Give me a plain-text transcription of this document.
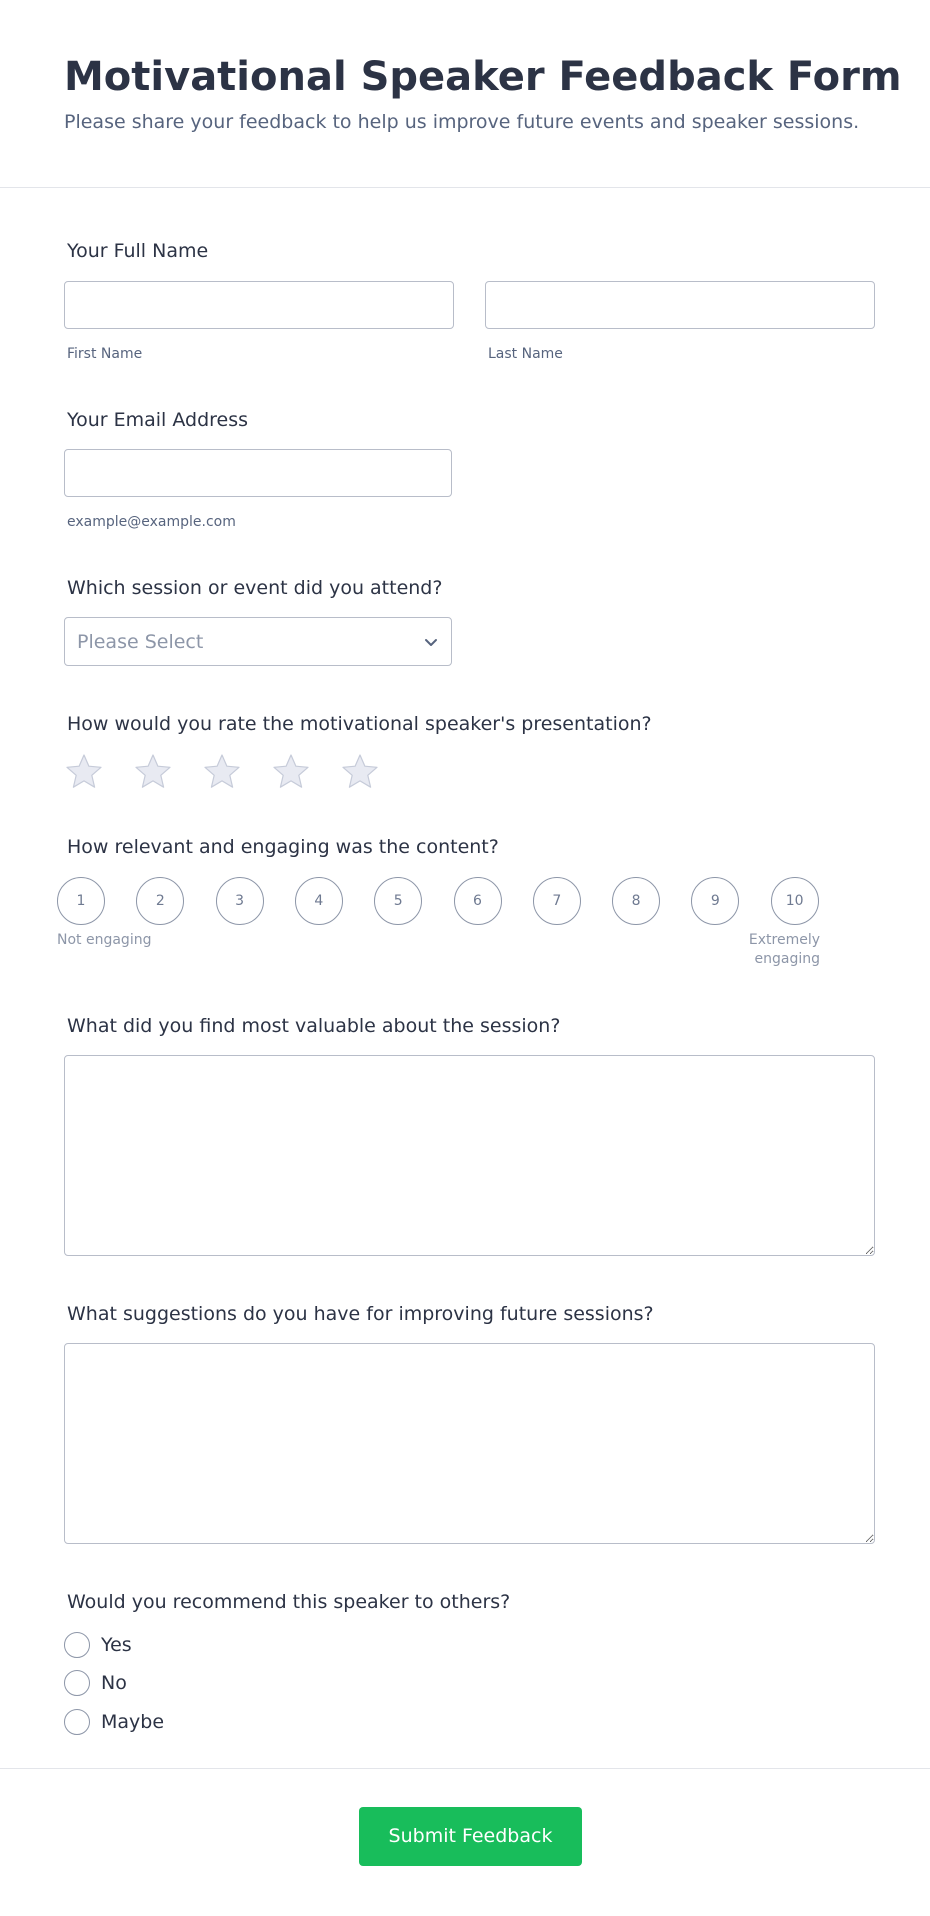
Motivational Speaker Feedback Form

Please share your feedback to help us improve future events and speaker sessions.

Your Full Name
First Name	Last Name
Your Email Address
example@example.com
Which session or event did you attend?
Please Select
How would you rate the motivational speaker's presentation?
How relevant and engaging was the content?
1	2	3	4	5	6	7	8	9	10
Not engaging	Extremely engaging
What did you find most valuable about the session?
What suggestions do you have for improving future sessions?
Would you recommend this speaker to others?
Yes
No
Maybe
Submit Feedback
